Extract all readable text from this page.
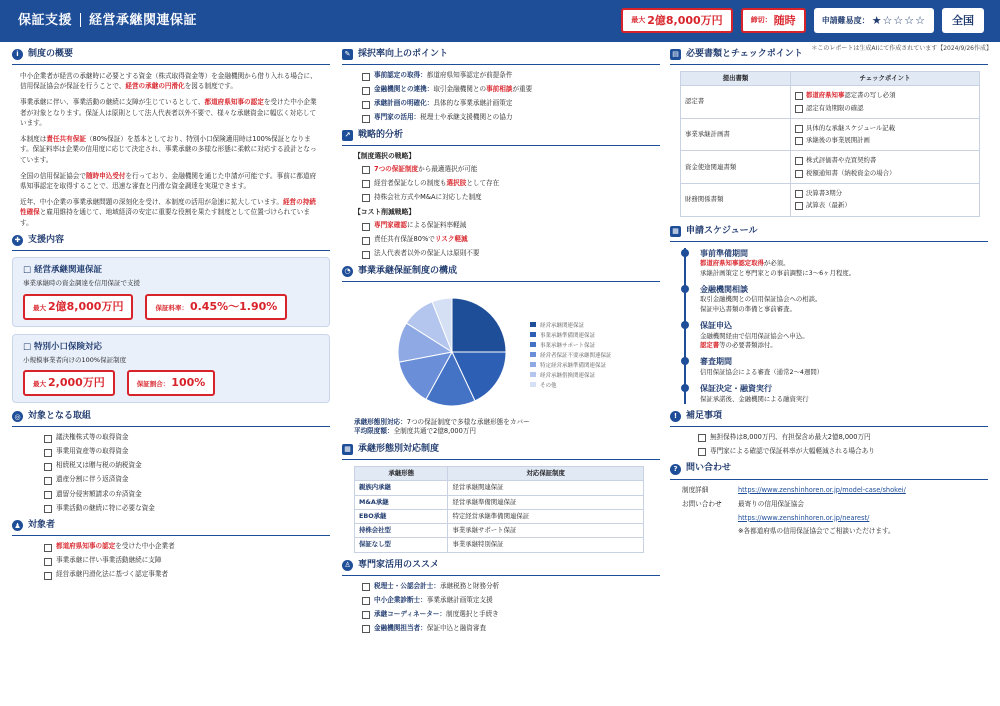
保証支援 経営承継関連保証	最大 2億8,000万円	締切： 随時	申請難易度： ★☆☆☆☆	全国
＊このレポートは生成AIにて作成されています【2024/9/26作成】
i	制度の概要

中小企業者が経営の承継時に必要とする資金（株式取得資金等）を金融機関から借り入れる場合に、信用保証協会が保証を行うことで、経営の承継の円滑化を図る制度です。

事業承継に伴い、事業活動の継続に支障が生じているとして、都道府県知事の認定を受けた中小企業者が対象となります。保証人は原則として法人代表者以外不要で、様々な承継資金に幅広く対応しています。

本制度は責任共有保証（80%保証）を基本としており、特別小口保険適用時は100%保証となります。保証料率は企業の信用度に応じて決定され、事業承継の多様な形態に柔軟に対応する設計となっています。

全国の信用保証協会で随時申込受付を行っており、金融機関を通じた申請が可能です。事前に都道府県知事認定を取得することで、迅速な審査と円滑な資金調達を実現できます。

近年、中小企業の事業承継問題の深刻化を受け、本制度の活用が急速に拡大しています。経営の持続性確保と雇用維持を通じて、地域経済の安定に重要な役割を果たす制度として位置づけられています。

✚ 支援内容
□ 経営承継関連保証
事業承継時の資金調達を信用保証で支援
最大 2億8,000万円	保証料率： 0.45%〜1.90%
□ 特別小口保険対応
小規模事業者向けの100%保証制度
最大 2,000万円	保証割合： 100%
◎ 対象となる取組
議決権株式等の取得資金
事業用資産等の取得資金
相続税又は贈与税の納税資金
遺産分割に伴う返済資金
遺留分侵害額請求の弁済資金
事業活動の継続に特に必要な資金
♟ 対象者
都道府県知事の認定を受けた中小企業者
事業承継に伴い事業活動継続に支障
経営承継円滑化法に基づく認定事業者
✎ 採択率向上のポイント
事前認定の取得：都道府県知事認定が前提条件
金融機関との連携：取引金融機関との事前相談が重要
承継計画の明確化：具体的な事業承継計画策定
専門家の活用：税理士や承継支援機関との協力
↗ 戦略的分析
【制度選択の戦略】
7つの保証制度から最適選択が可能
経営者保証なしの制度も選択肢として存在
持株会社方式やM&Aに対応した制度
【コスト削減戦略】
専門家確認による保証料率軽減
責任共有保証80%でリスク軽減
法人代表者以外の保証人は原則不要
◔ 事業承継保証制度の構成
経営承継関連保証
事業承継準備関連保証
事業承継サポート保証
経営者保証不要承継関連保証
特定経営承継準備関連保証
経営承継借換関連保証
その他
承継形態別対応：7つの保証制度で多様な承継形態をカバー
平均限度額：全制度共通で2億8,000万円
▦ 承継形態別対応制度
承継形態	対応保証制度
親族内承継	経営承継関連保証
M&A承継	経営承継準備関連保証
EBO承継	特定経営承継準備関連保証
持株会社型	事業承継サポート保証
保証なし型	事業承継特別保証
♙ 専門家活用のススメ
税理士・公認会計士：承継税務と財務分析
中小企業診断士：事業承継計画策定支援
承継コーディネーター：制度選択と手続き
金融機関担当者：保証申込と融資審査
▤ 必要書類とチェックポイント
提出書類	チェックポイント
認定書	都道府県知事認定書の写し必須
認定有効期限の確認

事業承継計画書	具体的な承継スケジュール記載
承継後の事業展開計画

資金使途関連書類	株式評価書や売買契約書
税額通知書（納税資金の場合）

財務関係書類	決算書3期分
試算表（最新）
▦ 申請スケジュール
事前準備期間
都道府県知事認定取得が必須。
承継計画策定と専門家との事前調整に3〜6ヶ月程度。
金融機関相談
取引金融機関との信用保証協会への相談。
保証申込書類の準備と事前審査。
保証申込
金融機関経由で信用保証協会へ申込。
認定書等の必要書類添付。
審査期間
信用保証協会による審査（通常2〜4週間）
保証決定・融資実行
保証承諾後、金融機関による融資実行
! 補足事項
無担保枠は8,000万円、有担保含め最大2億8,000万円
専門家による確認で保証料率が大幅軽減される場合あり
? 問い合わせ
制度詳細	https://www.zenshinhoren.or.jp/model-case/shokei/
お問い合わせ	最寄りの信用保証協会
https://www.zenshinhoren.or.jp/nearest/
※各都道府県の信用保証協会でご相談いただけます。
